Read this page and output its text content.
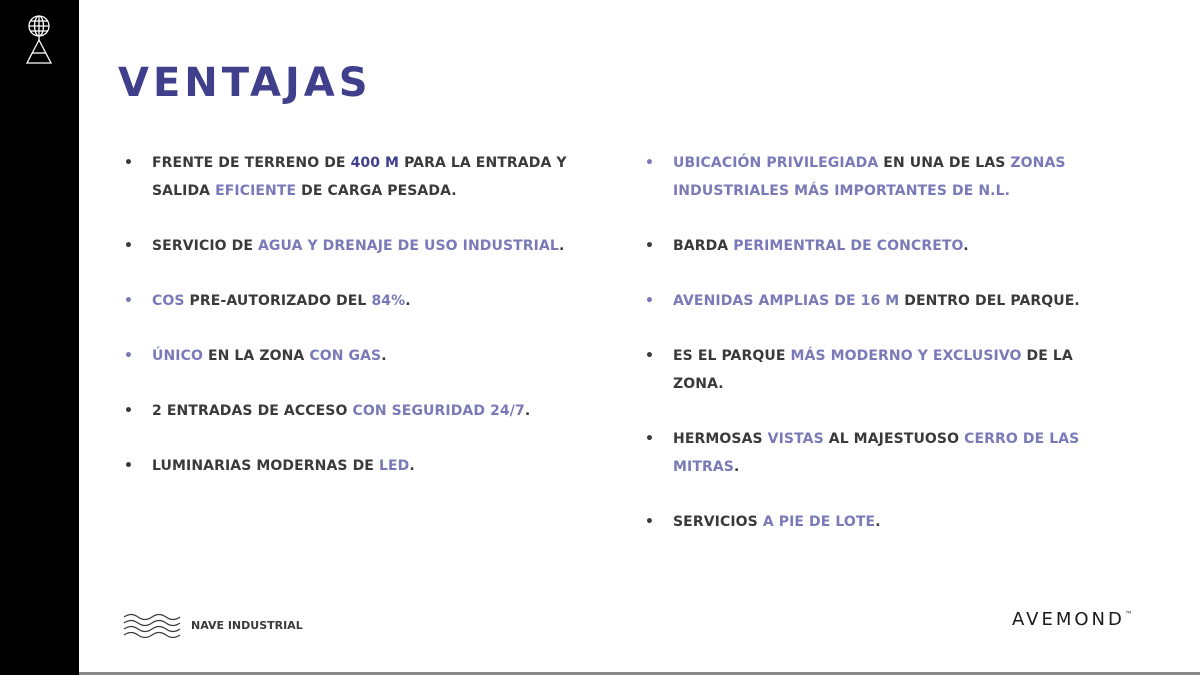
VENTAJAS
• FRENTE DE TERRENO DE 400 M PARA LA ENTRADA Y SALIDA EFICIENTE DE CARGA PESADA.
• SERVICIO DE AGUA Y DRENAJE DE USO INDUSTRIAL.
• COS PRE-AUTORIZADO DEL 84%.
• ÚNICO EN LA ZONA CON GAS.
• 2 ENTRADAS DE ACCESO CON SEGURIDAD 24/7.
• LUMINARIAS MODERNAS DE LED.
• UBICACIÓN PRIVILEGIADA EN UNA DE LAS ZONAS INDUSTRIALES MÁS IMPORTANTES DE N.L.
• BARDA PERIMENTRAL DE CONCRETO.
• AVENIDAS AMPLIAS DE 16 M DENTRO DEL PARQUE.
• ES EL PARQUE MÁS MODERNO Y EXCLUSIVO DE LA ZONA.
• HERMOSAS VISTAS AL MAJESTUOSO CERRO DE LAS MITRAS.
• SERVICIOS A PIE DE LOTE.
NAVE INDUSTRIAL	AVEMOND™
